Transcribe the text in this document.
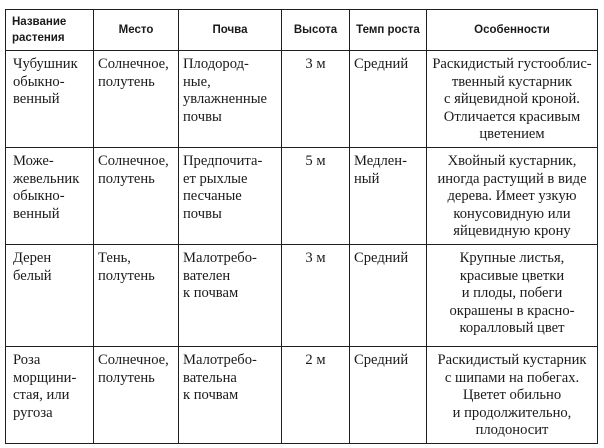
Название
растения	Место	Почва	Высота	Темп роста	Особенности

Чубушник
обыкно-
венный	Солнечное,
полутень	Плодород-
ные,
увлажненные
почвы	3 м	Средний	Раскидистый густооблис-
твенный кустарник
с яйцевидной кроной.
Отличается красивым
цветением

Може-
жевельник
обыкно-
венный	Солнечное,
полутень	Предпочита-
ет рыхлые
песчаные
почвы	5 м	Медлен-
ный	Хвойный кустарник,
иногда растущий в виде
дерева. Имеет узкую
конусовидную или
яйцевидную крону

Дерен
белый	Тень,
полутень	Малотребо-
вателен
к почвам	3 м	Средний	Крупные листья,
красивые цветки
и плоды, побеги
окрашены в красно-
коралловый цвет

Роза
морщини-
стая, или
ругоза	Солнечное,
полутень	Малотребо-
вательна
к почвам	2 м	Средний	Раскидистый кустарник
с шипами на побегах.
Цветет обильно
и продолжительно,
плодоносит
